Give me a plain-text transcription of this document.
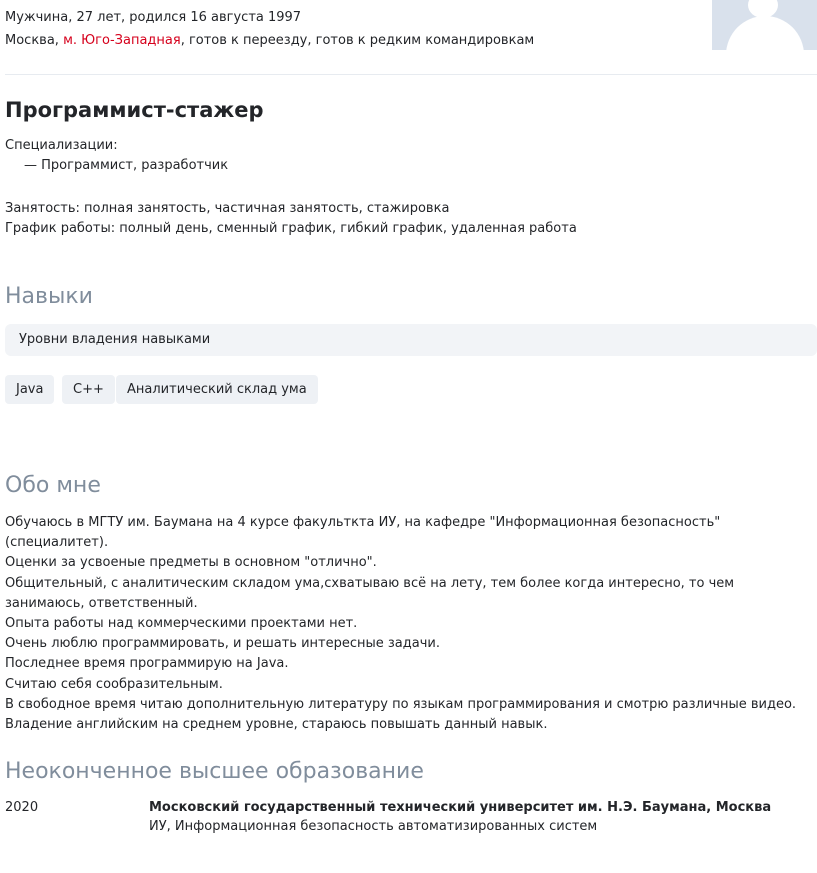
Мужчина, 27 лет, родился 16 августа 1997
Москва, м. Юго-Западная, готов к переезду, готов к редким командировкам
Программист-стажер
Специализации:
— Программист, разработчик
Занятость: полная занятость, частичная занятость, стажировка
График работы: полный день, сменный график, гибкий график, удаленная работа
Навыки
Уровни владения навыками
Java	C++	Аналитический склад ума
Обо мне

Обучаюсь в МГТУ им. Баумана на 4 курсе факульткта ИУ, на кафедре "Информационная безопасность" (специалитет).

Оценки за усвоеные предметы в основном "отлично".

Общительный, с аналитическим складом ума,схватываю всё на лету, тем более когда интересно, то чем занимаюсь, ответственный.

Опыта работы над коммерческими проектами нет.

Очень люблю программировать, и решать интересные задачи.

Последнее время программирую на Java.

Считаю себя сообразительным.

В свободное время читаю дополнительную литературу по языкам программирования и смотрю различные видео.

Владение английским на среднем уровне, стараюсь повышать данный навык.

Неоконченное высшее образование
2020	Московский государственный технический университет им. Н.Э. Баумана, Москва
ИУ, Информационная безопасность автоматизированных систем
